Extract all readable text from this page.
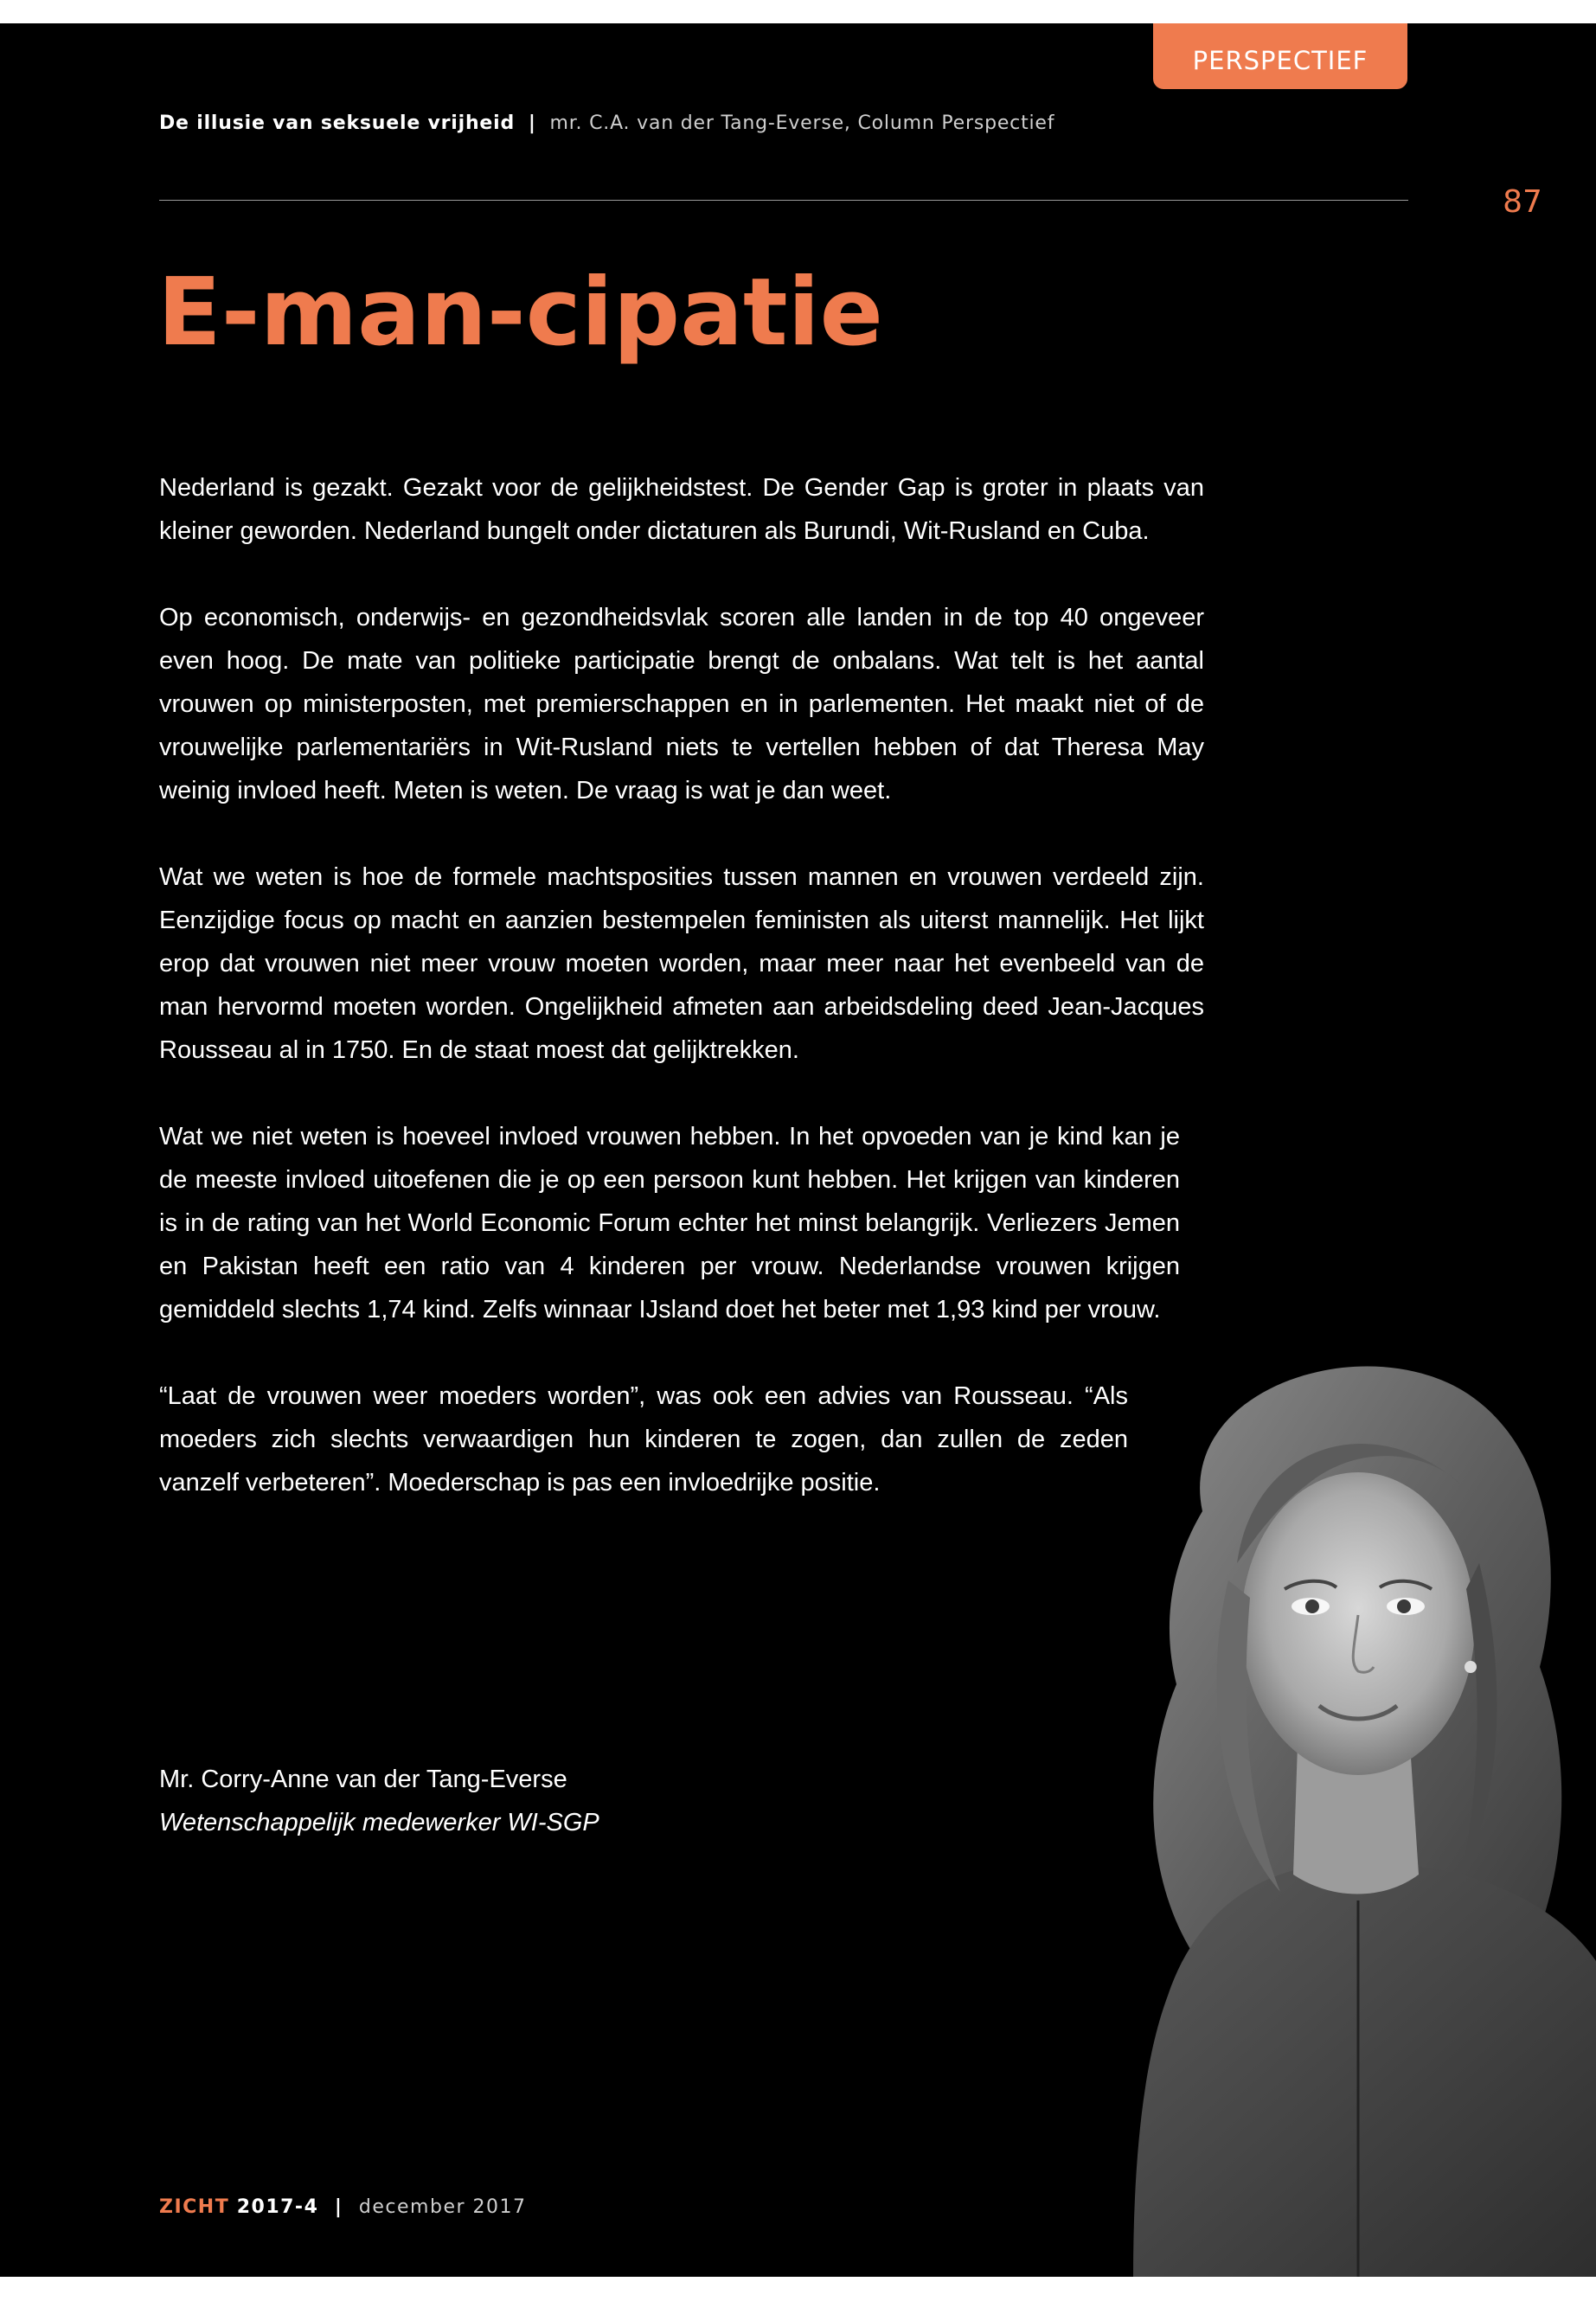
PERSPECTIEF
De illusie van seksuele vrijheid | mr. C.A. van der Tang-Everse, Column Perspectief
87
E-man-cipatie

Nederland is gezakt. Gezakt voor de gelijkheidstest. De Gender Gap is groter in plaats van kleiner geworden. Nederland bungelt onder dictaturen als Burundi, Wit-Rusland en Cuba.

Op economisch, onderwijs- en gezondheidsvlak scoren alle landen in de top 40 ongeveer even hoog. De mate van politieke participatie brengt de onbalans. Wat telt is het aantal vrouwen op ministerposten, met premierschappen en in parlementen. Het maakt niet of de vrouwelijke parlementariërs in Wit-Rusland niets te vertellen hebben of dat Theresa May weinig invloed heeft. Meten is weten. De vraag is wat je dan weet.

Wat we weten is hoe de formele machtsposities tussen mannen en vrouwen verdeeld zijn. Eenzijdige focus op macht en aanzien bestempelen feministen als uiterst mannelijk. Het lijkt erop dat vrouwen niet meer vrouw moeten worden, maar meer naar het evenbeeld van de man hervormd moeten worden. Ongelijkheid afmeten aan arbeidsdeling deed Jean-Jacques Rousseau al in 1750. En de staat moest dat gelijktrekken.

Wat we niet weten is hoeveel invloed vrouwen hebben. In het opvoeden van je kind kan je de meeste invloed uitoefenen die je op een persoon kunt hebben. Het krijgen van kinderen is in de rating van het World Economic Forum echter het minst belangrijk. Verliezers Jemen en Pakistan heeft een ratio van 4 kinderen per vrouw. Nederlandse vrouwen krijgen gemiddeld slechts 1,74 kind. Zelfs winnaar IJsland doet het beter met 1,93 kind per vrouw.

“Laat de vrouwen weer moeders worden”, was ook een advies van Rousseau. “Als moeders zich slechts verwaardigen hun kinderen te zogen, dan zullen de zeden vanzelf verbeteren”. Moederschap is pas een invloedrijke positie.

Mr. Corry-Anne van der Tang-Everse
Wetenschappelijk medewerker WI-SGP
ZICHT 2017-4 | december 2017
